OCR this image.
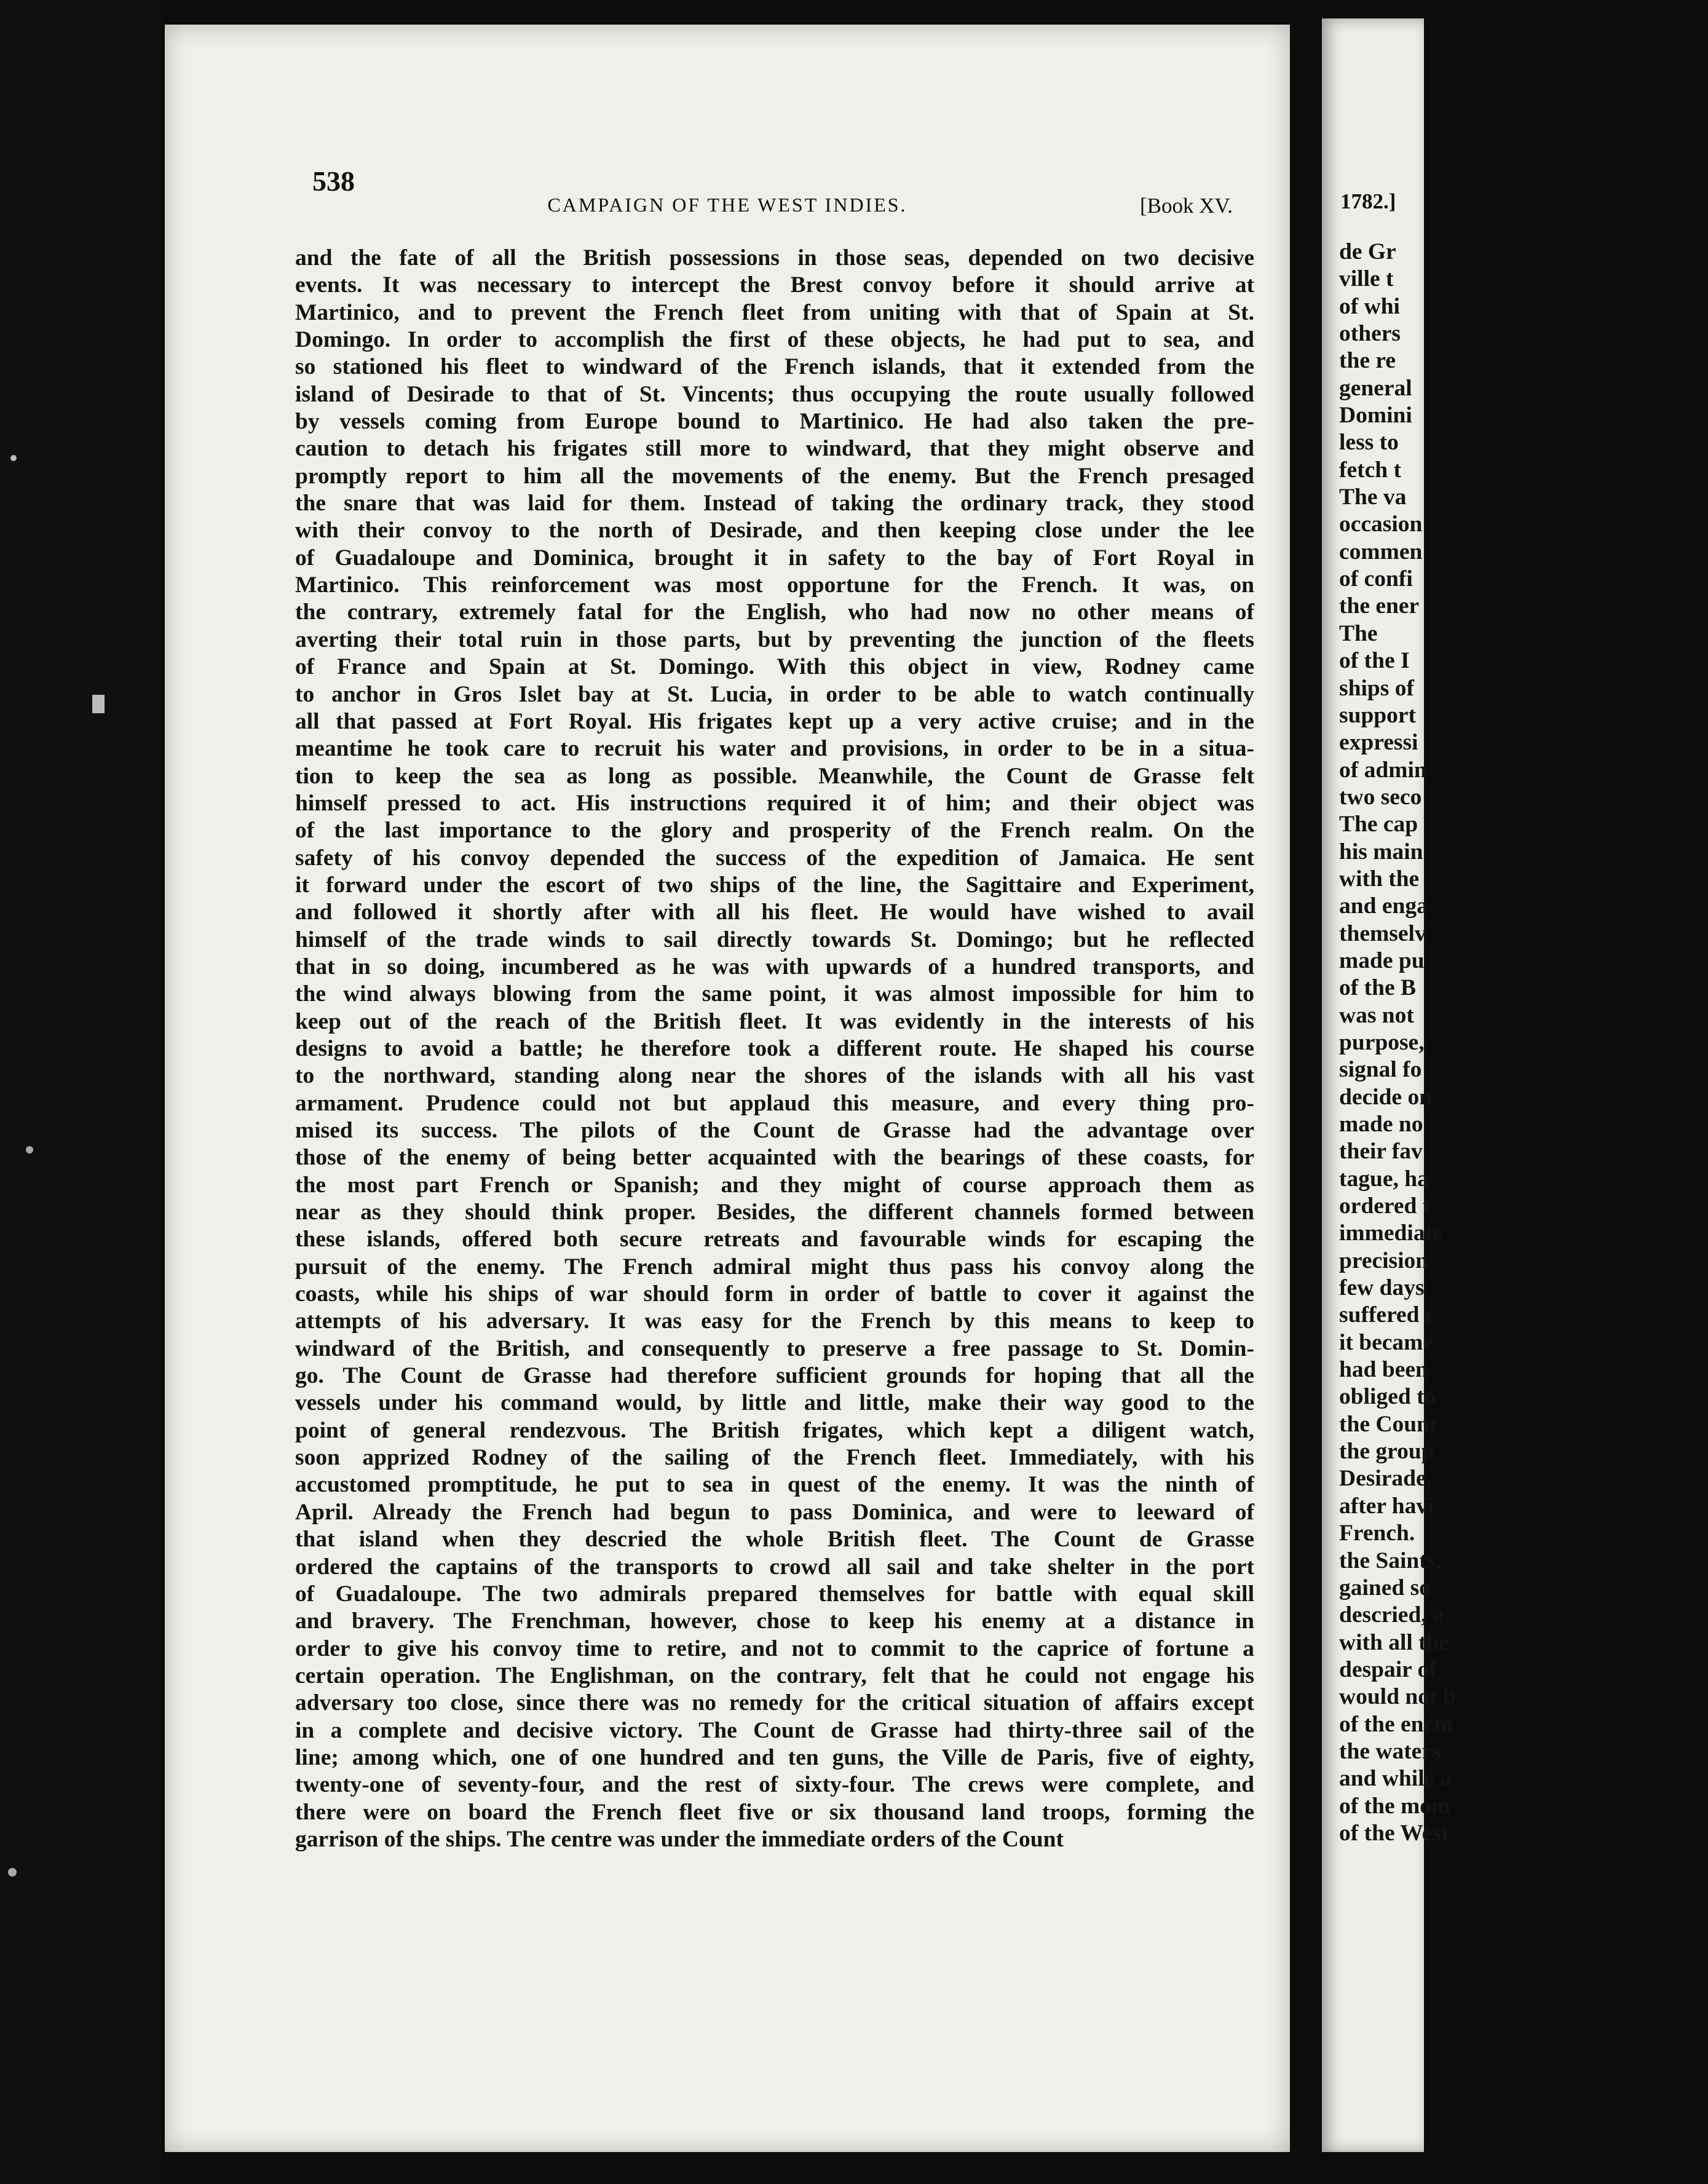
538
CAMPAIGN OF THE WEST INDIES.	[Book XV.
and the fate of all the British possessions in those seas, depended on two decisive
events. It was necessary to intercept the Brest convoy before it should arrive at
Martinico, and to prevent the French fleet from uniting with that of Spain at St.
Domingo. In order to accomplish the first of these objects, he had put to sea, and
so stationed his fleet to windward of the French islands, that it extended from the
island of Desirade to that of St. Vincents; thus occupying the route usually followed
by vessels coming from Europe bound to Martinico. He had also taken the pre-
caution to detach his frigates still more to windward, that they might observe and
promptly report to him all the movements of the enemy. But the French presaged
the snare that was laid for them. Instead of taking the ordinary track, they stood
with their convoy to the north of Desirade, and then keeping close under the lee
of Guadaloupe and Dominica, brought it in safety to the bay of Fort Royal in
Martinico. This reinforcement was most opportune for the French. It was, on
the contrary, extremely fatal for the English, who had now no other means of
averting their total ruin in those parts, but by preventing the junction of the fleets
of France and Spain at St. Domingo. With this object in view, Rodney came
to anchor in Gros Islet bay at St. Lucia, in order to be able to watch continually
all that passed at Fort Royal. His frigates kept up a very active cruise; and in the
meantime he took care to recruit his water and provisions, in order to be in a situa-
tion to keep the sea as long as possible. Meanwhile, the Count de Grasse felt
himself pressed to act. His instructions required it of him; and their object was
of the last importance to the glory and prosperity of the French realm. On the
safety of his convoy depended the success of the expedition of Jamaica. He sent
it forward under the escort of two ships of the line, the Sagittaire and Experiment,
and followed it shortly after with all his fleet. He would have wished to avail
himself of the trade winds to sail directly towards St. Domingo; but he reflected
that in so doing, incumbered as he was with upwards of a hundred transports, and
the wind always blowing from the same point, it was almost impossible for him to
keep out of the reach of the British fleet. It was evidently in the interests of his
designs to avoid a battle; he therefore took a different route. He shaped his course
to the northward, standing along near the shores of the islands with all his vast
armament. Prudence could not but applaud this measure, and every thing pro-
mised its success. The pilots of the Count de Grasse had the advantage over
those of the enemy of being better acquainted with the bearings of these coasts, for
the most part French or Spanish; and they might of course approach them as
near as they should think proper. Besides, the different channels formed between
these islands, offered both secure retreats and favourable winds for escaping the
pursuit of the enemy. The French admiral might thus pass his convoy along the
coasts, while his ships of war should form in order of battle to cover it against the
attempts of his adversary. It was easy for the French by this means to keep to
windward of the British, and consequently to preserve a free passage to St. Domin-
go. The Count de Grasse had therefore sufficient grounds for hoping that all the
vessels under his command would, by little and little, make their way good to the
point of general rendezvous. The British frigates, which kept a diligent watch,
soon apprized Rodney of the sailing of the French fleet. Immediately, with his
accustomed promptitude, he put to sea in quest of the enemy. It was the ninth of
April. Already the French had begun to pass Dominica, and were to leeward of
that island when they descried the whole British fleet. The Count de Grasse
ordered the captains of the transports to crowd all sail and take shelter in the port
of Guadaloupe. The two admirals prepared themselves for battle with equal skill
and bravery. The Frenchman, however, chose to keep his enemy at a distance in
order to give his convoy time to retire, and not to commit to the caprice of fortune a
certain operation. The Englishman, on the contrary, felt that he could not engage his
adversary too close, since there was no remedy for the critical situation of affairs except
in a complete and decisive victory. The Count de Grasse had thirty-three sail of the
line; among which, one of one hundred and ten guns, the Ville de Paris, five of eighty,
twenty-one of seventy-four, and the rest of sixty-four. The crews were complete, and
there were on board the French fleet five or six thousand land troops, forming the
garrison of the ships. The centre was under the immediate orders of the Count
1782.]
de Gr
ville t
of whi
others
the re
general
Domini
less to
fetch t
The va
occasion
commen
of confi
the ener
The
of the I
ships of
support
expressi
of admin
two seco
The cap
his main
with the
and enga
themselv
made pu
of the B
was not
purpose,
signal fo
decide on
made no
their fav
tague, ha
ordered t
immediate
precision
few days
suffered c
it became
had been
obliged to
the Count
the group
Desirade,
after havi
French.
the Saints,
gained so
descried, a
with all the
despair of
would not b
of the enem
the waters
and while a
of the mom
of the West
